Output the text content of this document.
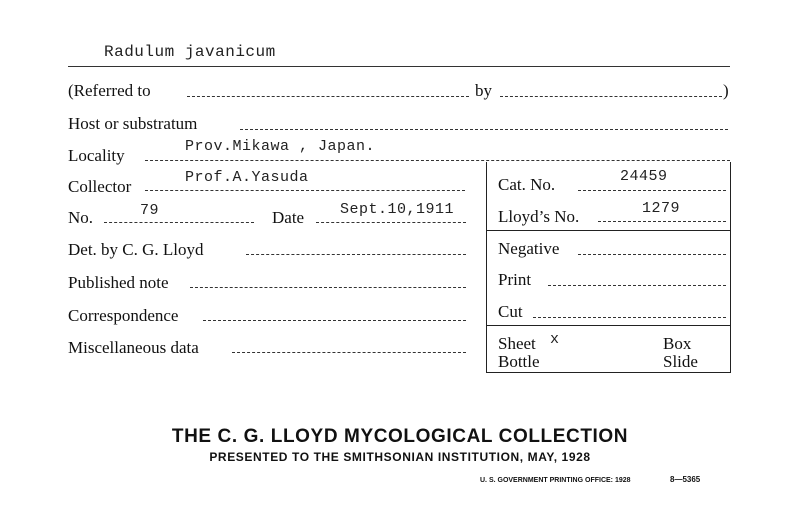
Radulum javanicum
(Referred to	by	)
Host or substratum
Locality	Prov.Mikawa , Japan.
Collector	Prof.A.Yasuda	Cat. No.	24459
No.	79	Date Sept.10,1911	Lloyd’s No.	1279
Det. by C. G. Lloyd	Negative
Published note	Print
Correspondence	Cut
Miscellaneous data	Sheet x	Box
Bottle	Slide
THE C. G. LLOYD MYCOLOGICAL COLLECTION
PRESENTED TO THE SMITHSONIAN INSTITUTION, MAY, 1928
U. S. GOVERNMENT PRINTING OFFICE: 1928	8—5365
